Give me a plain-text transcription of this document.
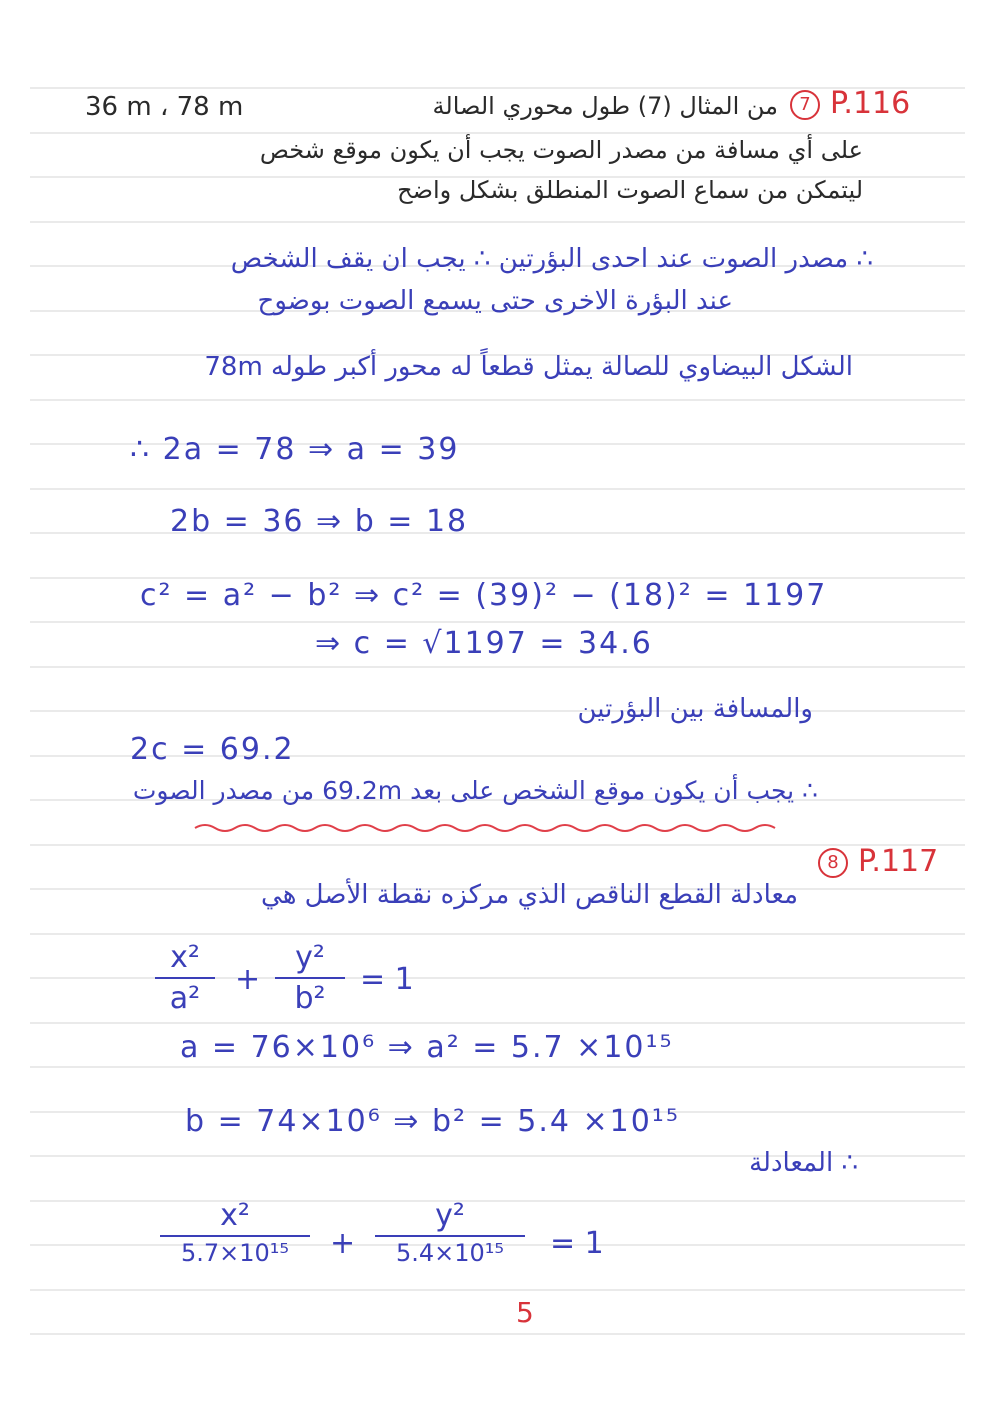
7 P.116
من المثال (7) طول محوري الصالة
36 m ، 78 m
على أي مسافة من مصدر الصوت يجب أن يكون موقع شخص
ليتمكن من سماع الصوت المنطلق بشكل واضح
∴ مصدر الصوت عند احدى البؤرتين ∴ يجب ان يقف الشخص
عند البؤرة الاخرى حتى يسمع الصوت بوضوح
الشكل البيضاوي للصالة يمثل قطعاً له محور أكبر طوله 78m
∴ 2a = 78 ⇒ a = 39
2b = 36 ⇒ b = 18
c² = a² − b² ⇒ c² = (39)² − (18)² = 1197
⇒ c = √1197 = 34.6
والمسافة بين البؤرتين
2c = 69.2
∴ يجب أن يكون موقع الشخص على بعد 69.2m من مصدر الصوت
8 P.117
معادلة القطع الناقص الذي مركزه نقطة الأصل هي
x²
a²
+
y²
b²
= 1
a = 76×10⁶ ⇒ a² = 5.7 ×10¹⁵
b = 74×10⁶ ⇒ b² = 5.4 ×10¹⁵
∴ المعادلة
x²
5.7×10¹⁵	+
y²
5.4×10¹⁵	= 1
5
